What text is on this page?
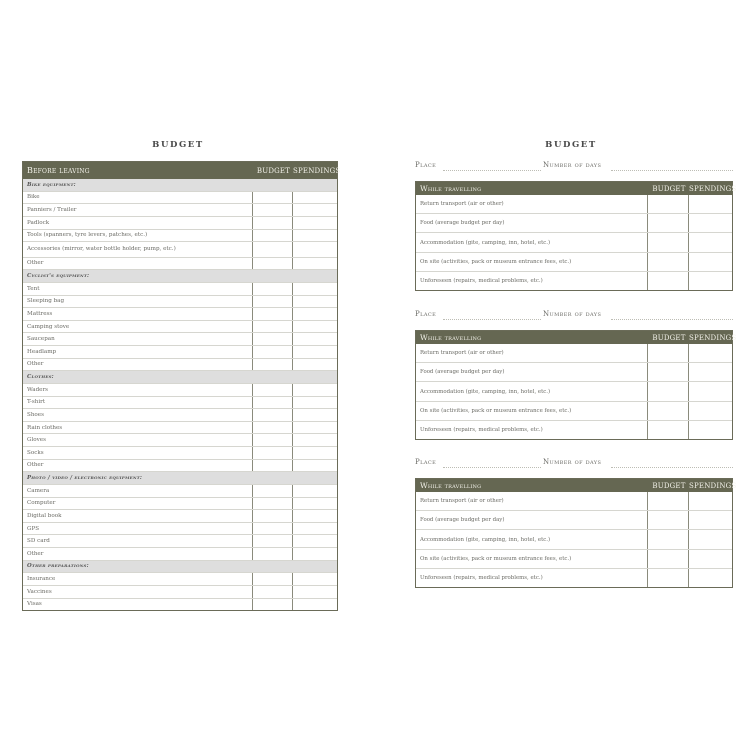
BUDGET
Before leaving	BUDGET SPENDINGS
Bike equipment:
Bike
Panniers / Trailer
Padlock
Tools (spanners, tyre levers, patches, etc.)
Accessories (mirror, water bottle holder, pump, etc.)
Other
Cyclist's equipment:
Tent
Sleeping bag
Mattress
Camping stove
Saucepan
Headlamp
Other
Clothes:
Waders
T-shirt
Shoes
Rain clothes
Gloves
Socks
Other
Photo / video / electronic equipment:
Camera
Computer
Digital book
GPS
SD card
Other
Other preparations:
Insurance
Vaccines
Visas
BUDGET
Place	Number of days
While travelling	BUDGET SPENDINGS
Return transport (air or other)
Food (average budget per day)
Accommodation (gite, camping, inn, hotel, etc.)
On site (activities, pack or museum entrance fees, etc.)
Unforeseen (repairs, medical problems, etc.)
Place	Number of days
While travelling	BUDGET SPENDINGS
Return transport (air or other)
Food (average budget per day)
Accommodation (gite, camping, inn, hotel, etc.)
On site (activities, pack or museum entrance fees, etc.)
Unforeseen (repairs, medical problems, etc.)
Place	Number of days
While travelling	BUDGET SPENDINGS
Return transport (air or other)
Food (average budget per day)
Accommodation (gite, camping, inn, hotel, etc.)
On site (activities, pack or museum entrance fees, etc.)
Unforeseen (repairs, medical problems, etc.)
